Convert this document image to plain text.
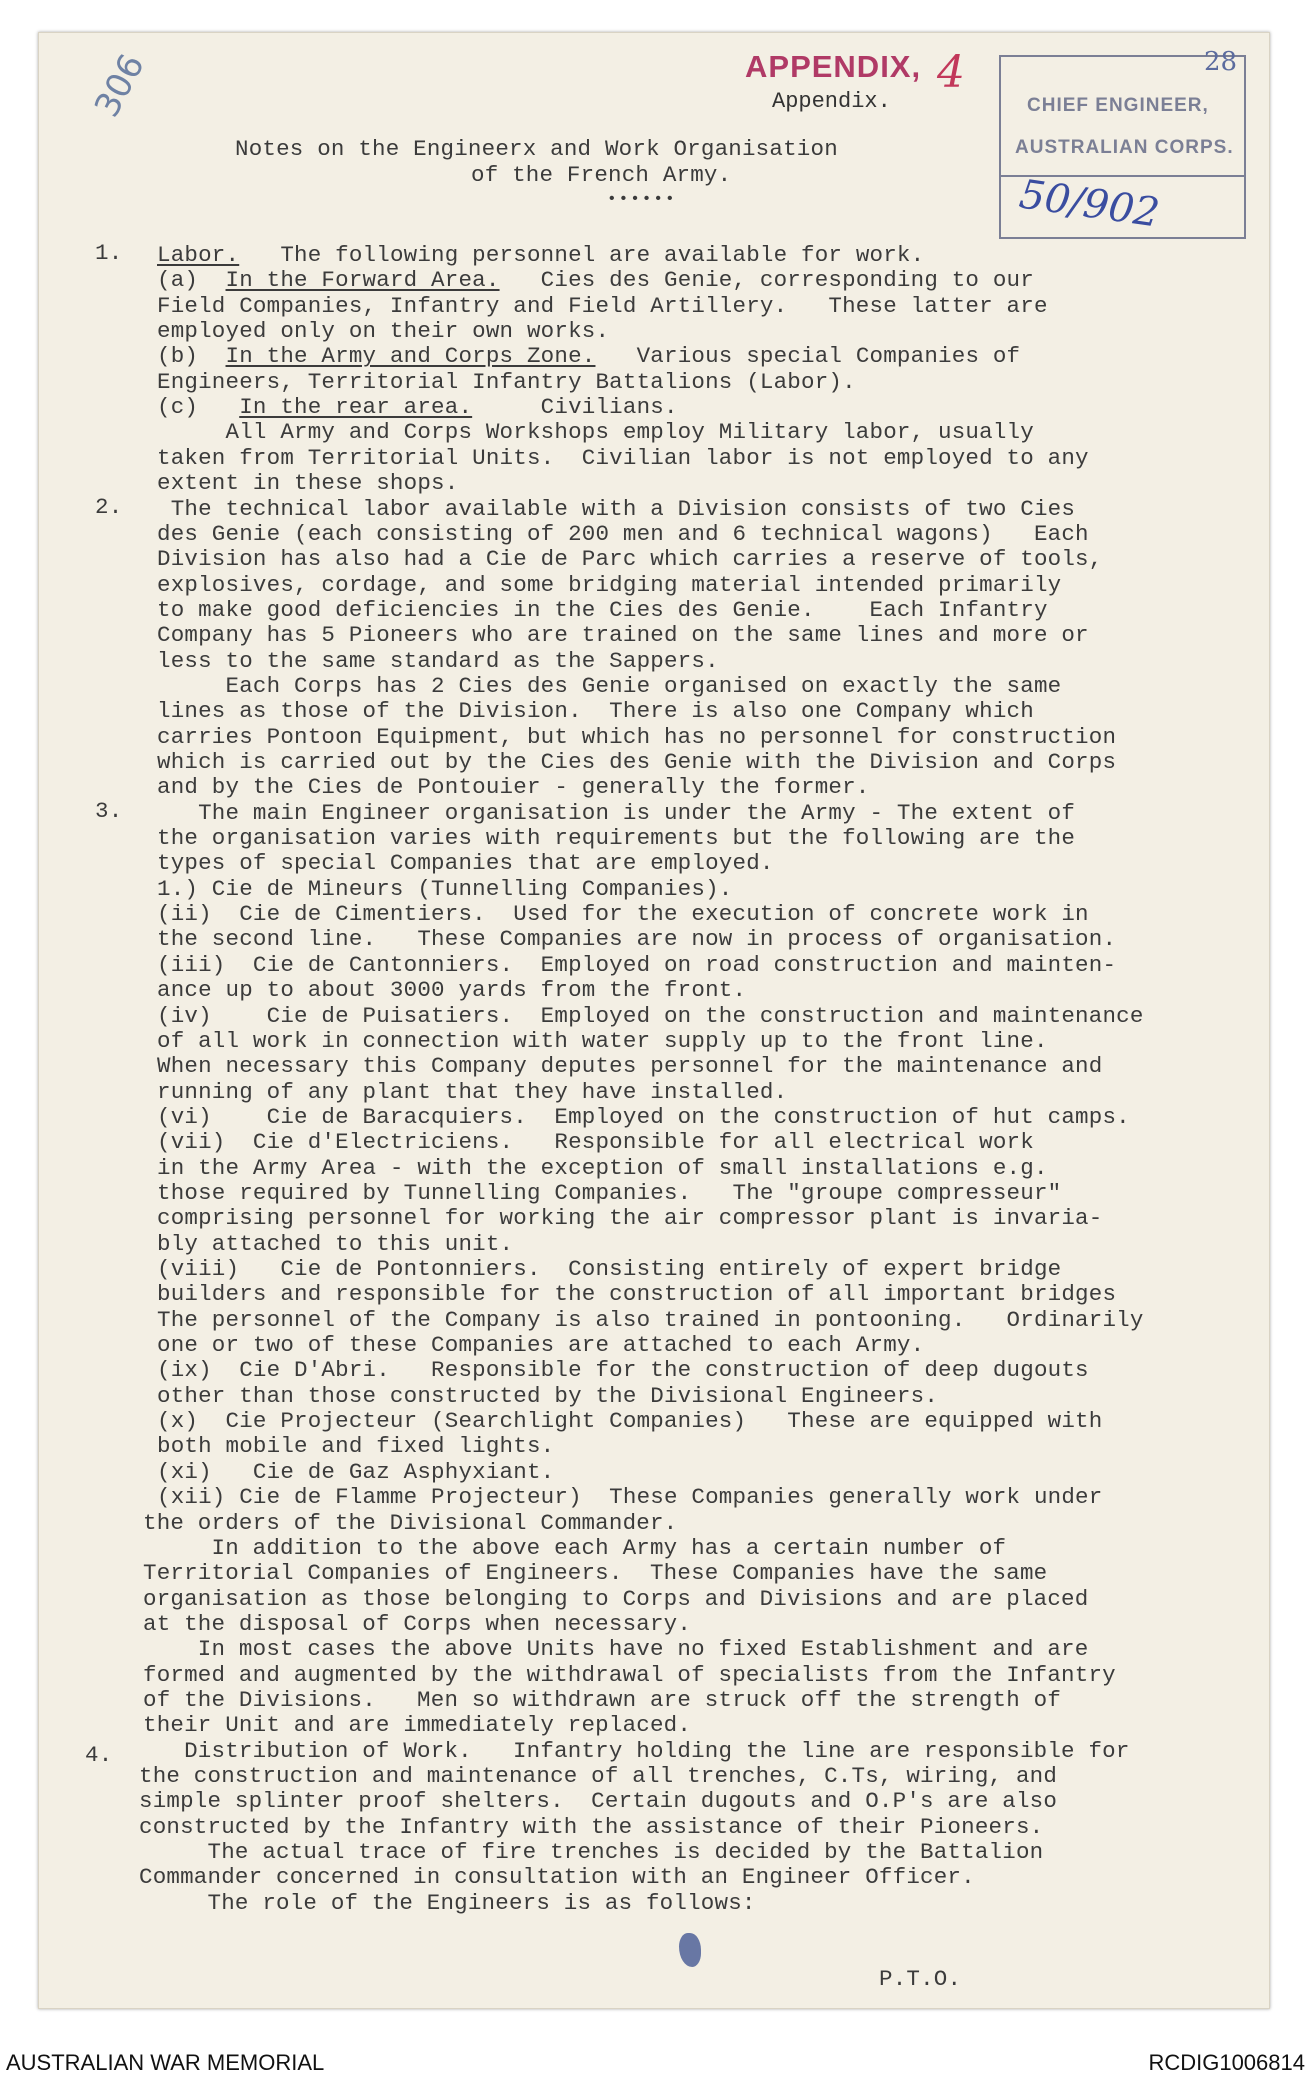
APPENDIX, 4
Appendix.	CHIEF ENGINEER,
AUSTRALIAN CORPS.
28
50/902
306
Notes on the Engineerx and Work Organisation
of the French Army.
••••••
1.
2.
3.
4.
Labor.   The following personnel are available for work.
(a)  In the Forward Area.   Cies des Genie, corresponding to our
Field Companies, Infantry and Field Artillery.   These latter are
employed only on their own works.
(b)  In the Army and Corps Zone.   Various special Companies of
Engineers, Territorial Infantry Battalions (Labor).
(c)   In the rear area.     Civilians.
All Army and Corps Workshops employ Military labor, usually
taken from Territorial Units.  Civilian labor is not employed to any
extent in these shops.
The technical labor available with a Division consists of two Cies
des Genie (each consisting of 200 men and 6 technical wagons)   Each
Division has also had a Cie de Parc which carries a reserve of tools,
explosives, cordage, and some bridging material intended primarily
to make good deficiencies in the Cies des Genie.    Each Infantry
Company has 5 Pioneers who are trained on the same lines and more or
less to the same standard as the Sappers.
Each Corps has 2 Cies des Genie organised on exactly the same
lines as those of the Division.  There is also one Company which
carries Pontoon Equipment, but which has no personnel for construction
which is carried out by the Cies des Genie with the Division and Corps
and by the Cies de Pontouier - generally the former.
The main Engineer organisation is under the Army - The extent of
the organisation varies with requirements but the following are the
types of special Companies that are employed.
1.) Cie de Mineurs (Tunnelling Companies).
(ii)  Cie de Cimentiers.  Used for the execution of concrete work in
the second line.   These Companies are now in process of organisation.
(iii)  Cie de Cantonniers.  Employed on road construction and mainten-
ance up to about 3000 yards from the front.
(iv)    Cie de Puisatiers.  Employed on the construction and maintenance
of all work in connection with water supply up to the front line.
When necessary this Company deputes personnel for the maintenance and
running of any plant that they have installed.
(vi)    Cie de Baracquiers.  Employed on the construction of hut camps.
(vii)  Cie d'Electriciens.   Responsible for all electrical work
in the Army Area - with the exception of small installations e.g.
those required by Tunnelling Companies.   The "groupe compresseur"
comprising personnel for working the air compressor plant is invaria-
bly attached to this unit.
(viii)   Cie de Pontonniers.  Consisting entirely of expert bridge
builders and responsible for the construction of all important bridges
The personnel of the Company is also trained in pontooning.   Ordinarily
one or two of these Companies are attached to each Army.
(ix)  Cie D'Abri.   Responsible for the construction of deep dugouts
other than those constructed by the Divisional Engineers.
(x)  Cie Projecteur (Searchlight Companies)   These are equipped with
both mobile and fixed lights.
(xi)   Cie de Gaz Asphyxiant.
(xii) Cie de Flamme Projecteur)  These Companies generally work under
the orders of the Divisional Commander.
In addition to the above each Army has a certain number of
Territorial Companies of Engineers.  These Companies have the same
organisation as those belonging to Corps and Divisions and are placed
at the disposal of Corps when necessary.
In most cases the above Units have no fixed Establishment and are
formed and augmented by the withdrawal of specialists from the Infantry
of the Divisions.   Men so withdrawn are struck off the strength of
their Unit and are immediately replaced.
Distribution of Work.   Infantry holding the line are responsible for
the construction and maintenance of all trenches, C.Ts, wiring, and
simple splinter proof shelters.  Certain dugouts and O.P's are also
constructed by the Infantry with the assistance of their Pioneers.
The actual trace of fire trenches is decided by the Battalion
Commander concerned in consultation with an Engineer Officer.
The role of the Engineers is as follows:
P.T.O.
AUSTRALIAN WAR MEMORIAL	RCDIG1006814
